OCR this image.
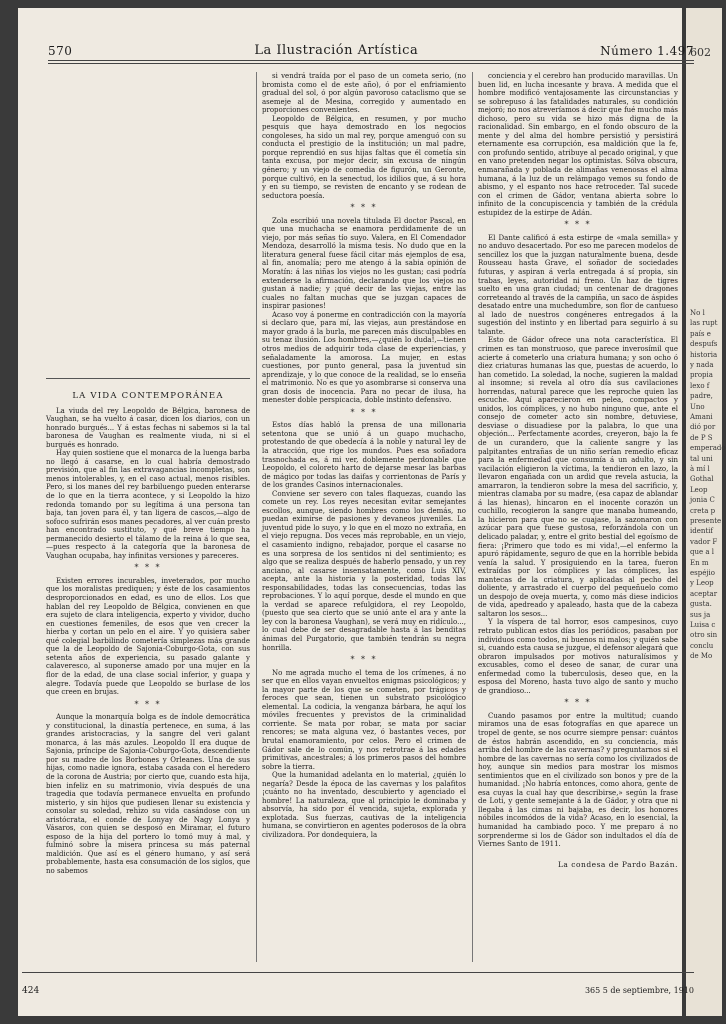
602
No l
las rupt
país e
despufs
historia
y nada
propia
lexo f
padre,
Uno
Amani
dió por
de P S
emperado
tal uni
à mí l
Gothal
Leop
jonia C
creta p
presente
identif
vador F
que a l
En m
espéjio
y Leop
aceptar
gusta.
sus ja
Luisa c
otro sin
conclu
de Mo
570	La Ilustración Artística	Número 1.497
LA VIDA CONTEMPORÁNEA

La viuda del rey Leopoldo de Bélgica, baronesa de Vaughan, se ha vuelto á casar, dicen los diarios, con un honrado burgués... Y á estas fechas ni sabemos si la tal baronesa de Vaughan es realmente viuda, ni si el burgués es honrado.

Hay quien sostiene que el monarca de la luenga barba no llegó á casarse, en lo cual habría demostrado previsión, que al fin las extravagancias incompletas, son menos intolerables, y, en el caso actual, menos risibles. Pero, si los manes del rey barbiluengo pueden enterarse de lo que en la tierra acontece, y si Leopoldo la hizo redonda tomando por su legítima á una persona tan baja, tan joven para él, y tan ligera de cascos,—algo de sofoco sufrirán esos manes pecadores, al ver cuán presto han encontrado sustituto, y qué breve tiempo ha permanecido desierto el tálamo de la reina á lo que sea,—pues respecto á la categoría que la baronesa de Vaughan ocupaba, hay infinitas versiones y pareceres.

* * *

Existen errores incurables, inveterados, por mucho que los moralistas prediquen; y éste de los casamientos desproporcionados en edad, es uno de ellos. Los que hablan del rey Leopoldo de Bélgica, convienen en que era sujeto de clara inteligencia, experto y vividor, ducho en cuestiones femeniles, de esos que ven crecer la hierba y cortan un pelo en el aire. Y yo quisiera saber qué colegial barbilindo cometería simplezas más grande que la de Leopoldo de Sajonia-Coburgo-Gota, con sus setenta años de experiencia, su pasado galante y calaveresco, al suponerse amado por una mujer en la flor de la edad, de una clase social inferior, y guapa y alegre. Todavía puede que Leopoldo se burlase de los que creen en brujas.

* * *

Aunque la monarquía bolga es de índole democrática y constitucional, la dinastía pertenece, en suma, á las grandes aristocracias, y la sangre del veri galant monarca, á las más azules. Leopoldo II era duque de Sajonia, príncipe de Sajonia-Coburgo-Gota, descendiente por su madre de los Borbones y Orleanes. Una de sus hijas, como nadie ignora, estaba casada con el heredero de la corona de Austria; por cierto que, cuando esta hija, bien infeliz en su matrimonio, vivía después de una tragedia que todavía permanece envuelta en profundo misterio, y sin hijos que pudiesen llenar su existencia y consolar su soledad, rehizo su vida casándose con un aristócrata, el conde de Lonyay de Nagy Lonya y Vásaros, con quien se desposó en Miramar, el futuro esposo de la hija del portero lo tomó muy á mal, y fulminó sobre la misera princesa su más paternal maldición. Que así es el género humano, y así será probablemente, hasta esa consumación de los siglos, que no sabemos

si vendrá traída por el paso de un cometa serio, (no bromista como el de este año), ó por el enfriamiento gradual del sol, ó por algún pavoroso cataclismo que se asemeje al de Mesina, corregido y aumentado en proporciones convenientes.

Leopoldo de Bélgica, en resumen, y por mucho pesquis que haya demostrado en los negocios congoleses, ha sido un mal rey, porque amenguó con su conducta el prestigio de la institución; un mal padre, porque reprendió en sus hijas faltas que él cometía sin tanta excusa, por mejor decir, sin excusa de ningún género; y un viejo de comedia de figurón, un Geronte, porque cultivó, en la senectud, los idilios que, á su hora y en su tiempo, se revisten de encanto y se rodean de seductora poesía.

* * *

Zola escribió una novela titulada El doctor Pascal, en que una muchacha se enamora perdidamente de un viejo, por más señas tío suyo. Valera, en El Comendador Mendoza, desarrolló la misma tesis. No dudo que en la literatura general fuese fácil citar más ejemplos de esa, al fin, anomalía; pero me atengo á la sabia opinión de Moratín: á las niñas los viejos no les gustan; casi podría extenderse la afirmación, declarando que los viejos no gustan á nadie; y ¡qué decir de las viejas, entre las cuales no faltan muchas que se juzgan capaces de inspirar pasiones!

Acaso voy á ponerme en contradicción con la mayoría si declaro que, para mí, las viejas, aun prestándose en mayor grado á la burla, me parecen más disculpables en su tenaz ilusión. Los hombres,—¿quién lo duda!,—tienen otros medios de adquirir toda clase de experiencias, y señaladamente la amorosa. La mujer, en estas cuestiones, por punto general, pasa la juventud sin aprendizaje, y lo que conoce de la realidad, se lo enseña el matrimonio. No es que yo asombrarse si conserva una gran dosis de inocencia. Para no pecar de ilusa, ha menester doble perspicacia, doble instinto defensivo.

* * *

Estos días habló la prensa de una millonaria setentona que se unió á un guapo muchacho, protestando de que obedecía á la noble y natural ley de la atracción, que rige los mundos. Pues esa soñadora trasnochada es, á mi ver, doblemente perdonable que Leopoldo, el coloreto harto de dejarse mesar las barbas de mágico por todas las daifas y corrientonas de París y de los grandes Casinos internacionales.

Conviene ser severo con tales flaquezas, cuando las comete un rey. Los reyes necesitan evitar semejantes escollos, aunque, siendo hombres como los demás, no puedan eximirse de pasiones y devaneos juveniles. La juventud pide lo suyo, y lo que en el mozo no extraña, en el viejo repugna. Dos veces más reprobable, en un viejo, el casamiento indigno, rebajador, porque el casarse no es una sorpresa de los sentidos ni del sentimiento; es algo que se realiza después de haberlo pensado, y un rey anciano, al casarse insensatamente, como Luis XIV, acepta, ante la historia y la posteridad, todas las responsabilidades, todas las consecuencias, todas las reprobaciones. Y lo aquí porque, desde el mundo en que la verdad se aparece refulgidora, el rey Leopoldo, (puesto que sea cierto que se unió ante el ara y ante la ley con la baronesa Vaughan), se verá muy en ridículo..., lo cual debe de ser desagradable hasta á las benditas ánimas del Purgatorio, que también tendrán su negra honrilla.

* * *

No me agrada mucho el tema de los crímenes, á no ser que en ellos vayan envueltos enigmas psicológicos; y la mayor parte de los que se cometen, por trágicos y feroces que sean, tienen un substrato psicológico elemental. La codicia, la venganza bárbara, he aquí los móviles frecuentes y previstos de la criminalidad corriente. Se mata por robar, se mata por saciar rencores; se mata alguna vez, ó bastantes veces, por brutal enamoramiento, por celos. Pero el crimen de Gádor sale de lo común, y nos retrotrae á las edades primitivas, ancestrales; á los primeros pasos del hombre sobre la tierra.

Que la humanidad adelanta en lo material, ¿quién lo negaría? Desde la época de las cavernas y los palafitos ¡cuánto no ha inventado, descubierto y agenciado el hombre! La naturaleza, que al principio le dominaba y absorvía, ha sido por él vencida, sujeta, explorada y explotada. Sus fuerzas, cautivas de la inteligencia humana, se convirtieron en agentes poderosos de la obra civilizadora. Por dondequiera, la

conciencia y el cerebro han producido maravillas. Un buen lid, en lucha incesante y brava. A medida que el hombre modificó ventajosamente las circunstancias y se sobrepuso á las fatalidades naturales, su condición mejoró; no nos atreveríamos á decir que fué mucho más dichoso, pero su vida se hizo más digna de la racionalidad. Sin embargo, en el fondo obscuro de la mente y del alma del hombre persistió y persistirá eternamente esa corrupción, esa maldición que la fe, con profundo sentido, atribuye al pecado original, y que en vano pretenden negar los optimistas. Sólva obscura, enmarañada y poblada de alimañas venenosas el alma humana, á la luz de un relámpago vemos su fondo de abismo, y el espanto nos hace retroceder. Tal sucede con el crimen de Gádor, ventana abierta sobre lo infinito de la concupiscencia y también de la crédula estupidez de la estirpe de Adán.

* * *

El Dante calificó á esta estirpe de «mala semilla» y no anduvo desacertado. Por eso me parecen modelos de sencillez los que la juzgan naturalmente buena, desde Rousseau hasta Grave, el soñador de sociedades futuras, y aspiran á verla entregada á sí propia, sin trabas, leyes, autoridad ni freno. Un haz de tigres suelto en una gran ciudad; un centenar de dragones correteando al través de la campiña, un saco de áspides desatado entre una muchedumbre, son flor de cantueso al lado de nuestros congéneres entregados á la sugestión del instinto y en libertad para seguirlo á su talante.

Esto de Gádor ofrece una nota característica. El crimen es tan monstruoso, que parece inverosímil que aciertе á cometerlo una criatura humana; y son ocho ó diez criaturas humanas las que, puestas de acuerdo, lo han cometido. La soledad, la noche, sugieren la maldad al insomne; si revela al otro día sus cavilaciones horrendas, natural parece que les reproche quien las escuche. Aquí aparecieron en pelea, compactos y unidos, los cómplices, y no hubo ninguno que, ante el consejo de cometer acto sin nombre, detuviese, desviase o disuadiese por la palabra, lo que una objeción... Perfectamente acordes, creyeron, bajo la fe de un curandero, que la caliente sangre y las palpitantes entrañas de un niño serían remedio eficaz para la enfermedad que consumía á un adulto, y sin vacilación eligieron la víctima, la tendieron en lazo, la llevaron engañada con un ardid que revela astucia, la amarraron, la tendieron sobre la mesa del sacrificio, y, mientras clamaba por su madre, (esa capaz de ablandar á las hienas), hincaron en el inocente corazón un cuchillo, recogieron la sangre que manaba humeando, la hicieron para que no se cuajase, la sazonaron con azúcar para que fuese gustosa, reforzándola con un delicado paladar, y, entre el grito bestial del egoísmo de fiera: ¡Primero que todo es mi vida!,—el enfermo la apuró rápidamente, seguro de que en la horrible bebida venía la salud. Y prosiguiendo en la tarea, fueron extraídas por los cómplices y las cómplices, las mantecas de la criatura, y aplicadas al pecho del doliente, y arrastrado el cuerpo del pequeñuelo como un despojo de oveja muerta, y, como más diese indicios de vida, apedreado y apaleado, hasta que de la cabeza saltaron los sesos...

Y la víspera de tal horror, esos campesinos, cuyo retrato publican estos días los periódicos, pasaban por individuos como todos, ni buenos ni malos; y quién sabe si, cuando esta causa se juzgue, el defensor alegará que obraron impulsados por motivos naturalísimos y excusables, como el deseo de sanar, de curar una enfermedad como la tuberculosis, deseo que, en la esposa del Moreno, hasta tuvo algo de santo y mucho de grandioso...

* * *

Cuando pasamos por entre la multitud; cuando miramos una de esas fotografías en que aparece un tropel de gente, se nos ocurre siempre pensar: cuántos de éstos habrán ascendido, en su conciencia, más arriba del hombre de las cavernas? y preguntarnos si el hombre de las cavernas no sería como los civilizados de hoy, aunque sin medios para mostrar los mismos sentimientos que en el civilizado son bonos y pre de la humanidad. ¡No habría entonces, como ahora, gente de esa cuyas la cual hay que describirse,» según la frase de Loti, y gente semejante á la de Gádor, y otra que ni llegaba á las cimas ni bajaba, es decir, los honores nóbiles incomódos de la vida? Acaso, en lo esencial, la humanidad ha cambiado poco. Y me preparo á no sorprenderme si los de Gádor son indultados el día de Viernes Santo de 1911.

La condesa de Pardo Bazán.
424	365 5 de septiembre, 1910
